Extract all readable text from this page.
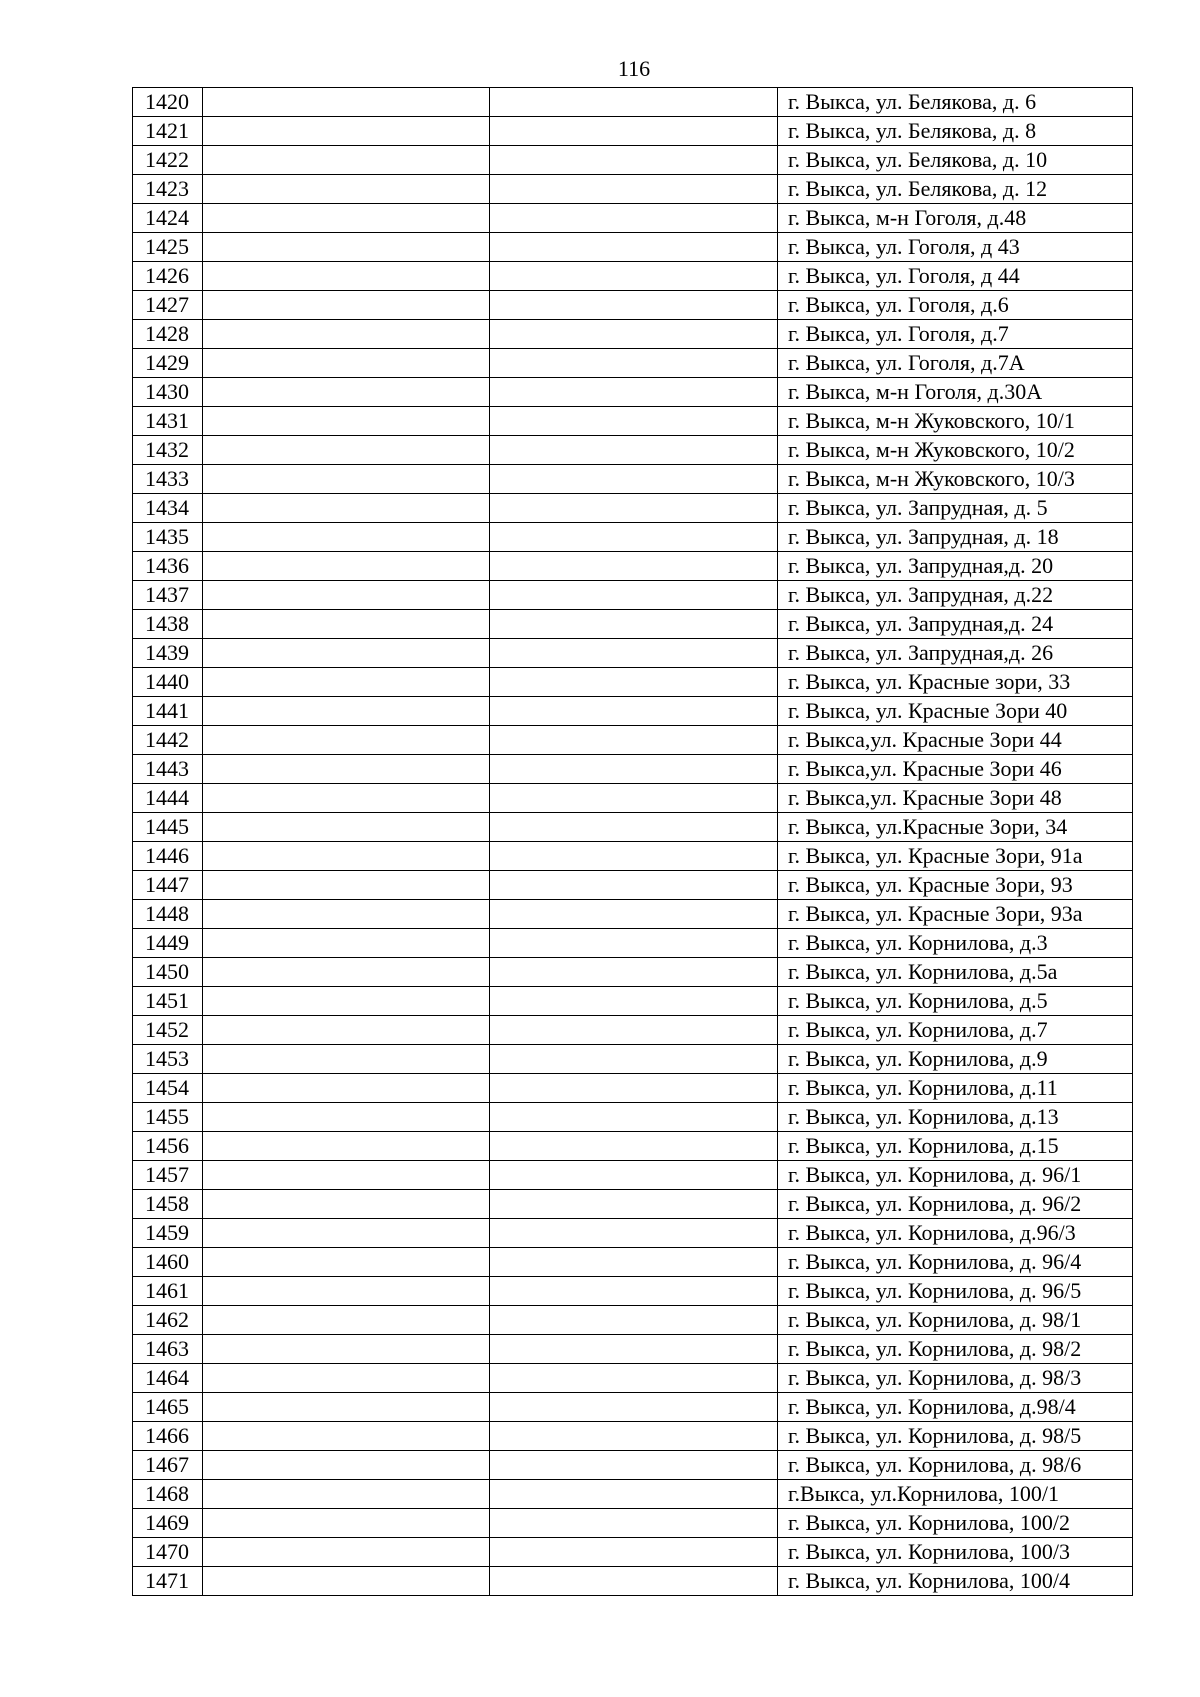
116
1420			г. Выкса, ул. Белякова, д. 6
1421			г. Выкса, ул. Белякова, д. 8
1422			г. Выкса, ул. Белякова, д. 10
1423			г. Выкса, ул. Белякова, д. 12
1424			г. Выкса, м-н Гоголя, д.48
1425			г. Выкса, ул. Гоголя, д 43
1426			г. Выкса, ул. Гоголя, д 44
1427			г. Выкса, ул. Гоголя, д.6
1428			г. Выкса, ул. Гоголя, д.7
1429			г. Выкса, ул. Гоголя, д.7А
1430			г. Выкса, м-н Гоголя, д.30А
1431			г. Выкса, м-н Жуковского, 10/1
1432			г. Выкса, м-н Жуковского, 10/2
1433			г. Выкса, м-н Жуковского, 10/3
1434			г. Выкса, ул. Запрудная, д. 5
1435			г. Выкса, ул. Запрудная, д. 18
1436			г. Выкса, ул. Запрудная,д. 20
1437			г. Выкса, ул. Запрудная, д.22
1438			г. Выкса, ул. Запрудная,д. 24
1439			г. Выкса, ул. Запрудная,д. 26
1440			г. Выкса, ул. Красные зори, 33
1441			г. Выкса, ул. Красные Зори 40
1442			г. Выкса,ул. Красные Зори 44
1443			г. Выкса,ул. Красные Зори 46
1444			г. Выкса,ул. Красные Зори 48
1445			г. Выкса, ул.Красные Зори, 34
1446			г. Выкса, ул. Красные Зори, 91а
1447			г. Выкса, ул. Красные Зори, 93
1448			г. Выкса, ул. Красные Зори, 93а
1449			г. Выкса, ул. Корнилова, д.3
1450			г. Выкса, ул. Корнилова, д.5а
1451			г. Выкса, ул. Корнилова, д.5
1452			г. Выкса, ул. Корнилова, д.7
1453			г. Выкса, ул. Корнилова, д.9
1454			г. Выкса, ул. Корнилова, д.11
1455			г. Выкса, ул. Корнилова, д.13
1456			г. Выкса, ул. Корнилова, д.15
1457			г. Выкса, ул. Корнилова, д. 96/1
1458			г. Выкса, ул. Корнилова, д. 96/2
1459			г. Выкса, ул. Корнилова, д.96/3
1460			г. Выкса, ул. Корнилова, д. 96/4
1461			г. Выкса, ул. Корнилова, д. 96/5
1462			г. Выкса, ул. Корнилова, д. 98/1
1463			г. Выкса, ул. Корнилова, д. 98/2
1464			г. Выкса, ул. Корнилова, д. 98/3
1465			г. Выкса, ул. Корнилова, д.98/4
1466			г. Выкса, ул. Корнилова, д. 98/5
1467			г. Выкса, ул. Корнилова, д. 98/6
1468			г.Выкса, ул.Корнилова, 100/1
1469			г. Выкса, ул. Корнилова, 100/2
1470			г. Выкса, ул. Корнилова, 100/3
1471			г. Выкса, ул. Корнилова, 100/4
